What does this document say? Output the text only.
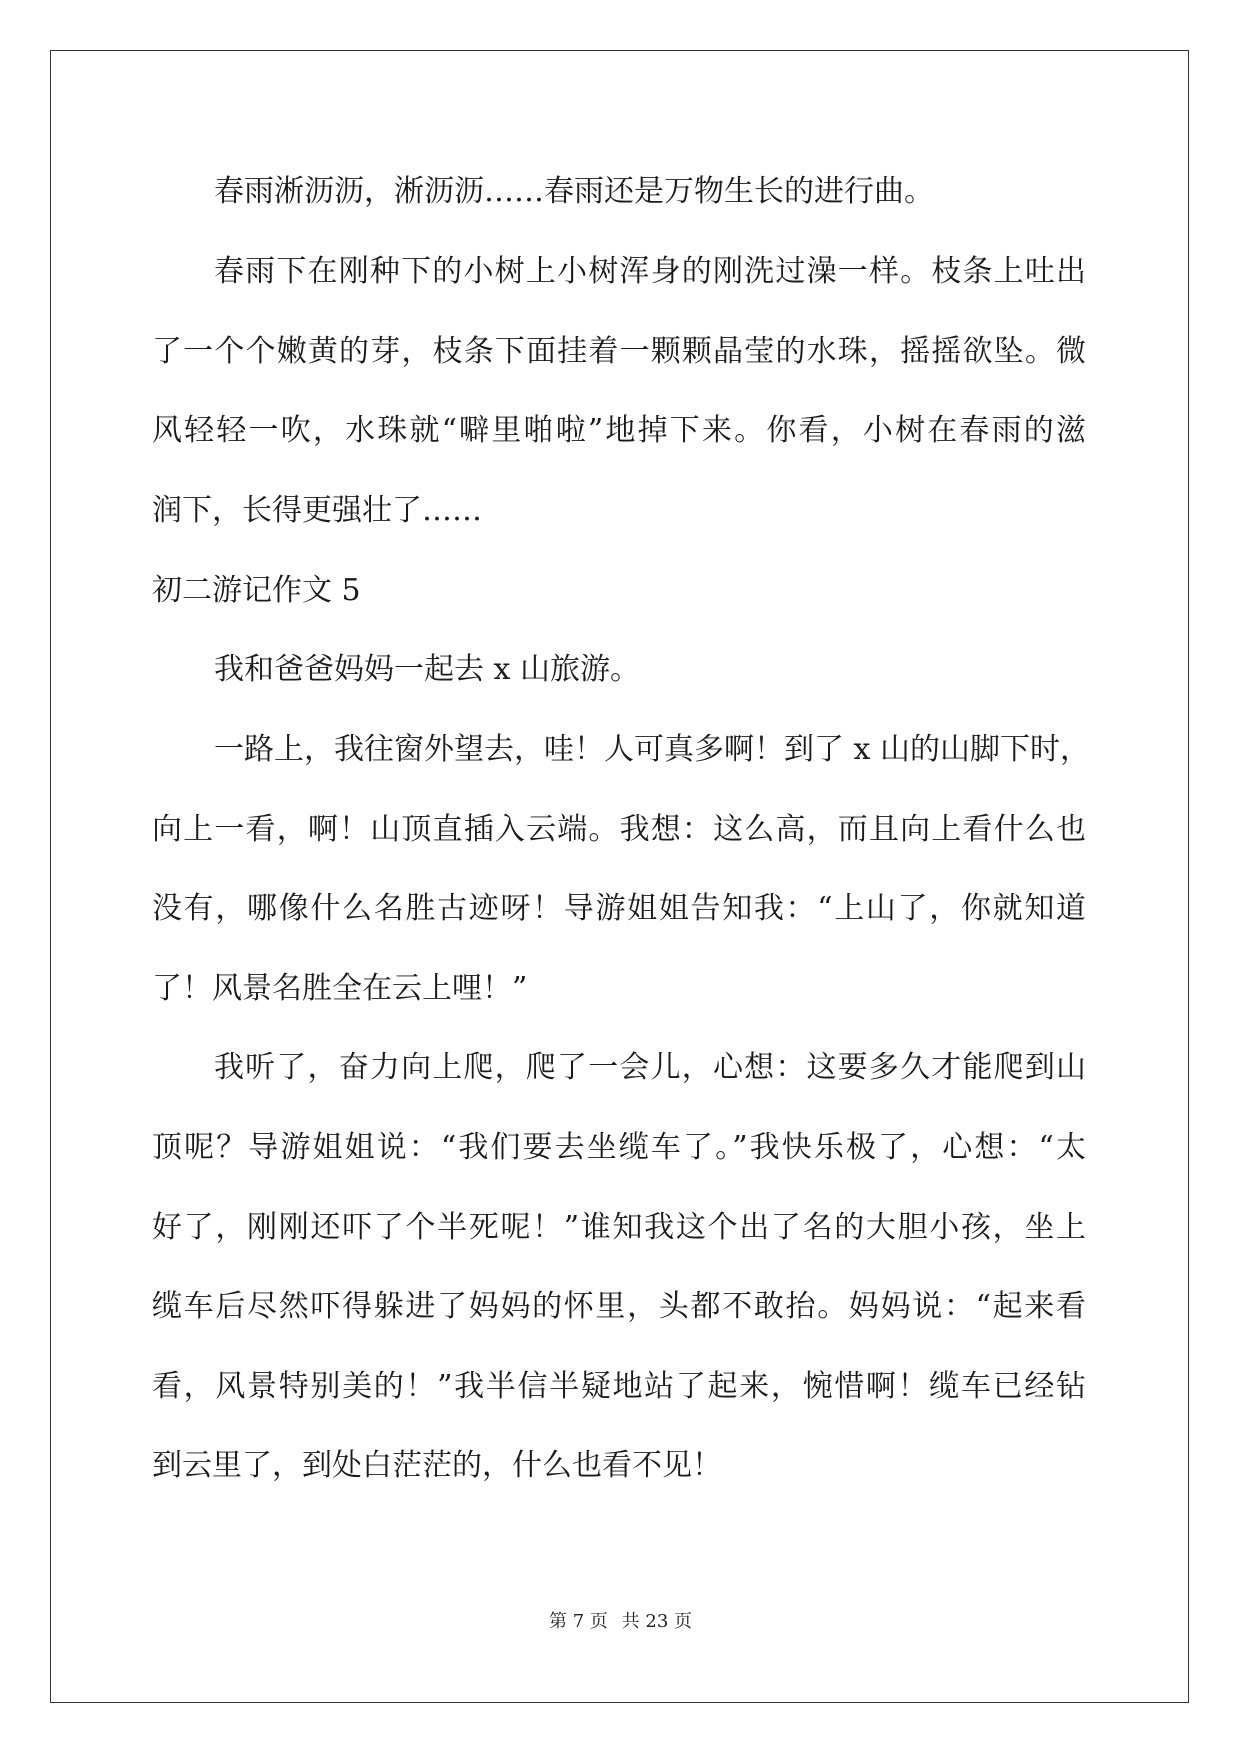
春雨淅沥沥，淅沥沥……春雨还是万物生长的进行曲。
春雨下在刚种下的小树上小树浑身的刚洗过澡一样。枝条上吐出
了一个个嫩黄的芽，枝条下面挂着一颗颗晶莹的水珠，摇摇欲坠。微
风轻轻一吹，水珠就“噼里啪啦”地掉下来。你看，小树在春雨的滋
润下，长得更强壮了……
初二游记作文 5
我和爸爸妈妈一起去 x 山旅游。
一路上，我往窗外望去，哇！人可真多啊！到了 x 山的山脚下时，
向上一看，啊！山顶直插入云端。我想：这么高，而且向上看什么也
没有，哪像什么名胜古迹呀！导游姐姐告知我：“上山了，你就知道
了！风景名胜全在云上哩！”
我听了，奋力向上爬，爬了一会儿，心想：这要多久才能爬到山
顶呢？导游姐姐说：“我们要去坐缆车了。”我快乐极了，心想：“太
好了，刚刚还吓了个半死呢！”谁知我这个出了名的大胆小孩，坐上
缆车后尽然吓得躲进了妈妈的怀里，头都不敢抬。妈妈说：“起来看
看，风景特别美的！”我半信半疑地站了起来，惋惜啊！缆车已经钻
到云里了，到处白茫茫的，什么也看不见！
第 7 页 共 23 页
